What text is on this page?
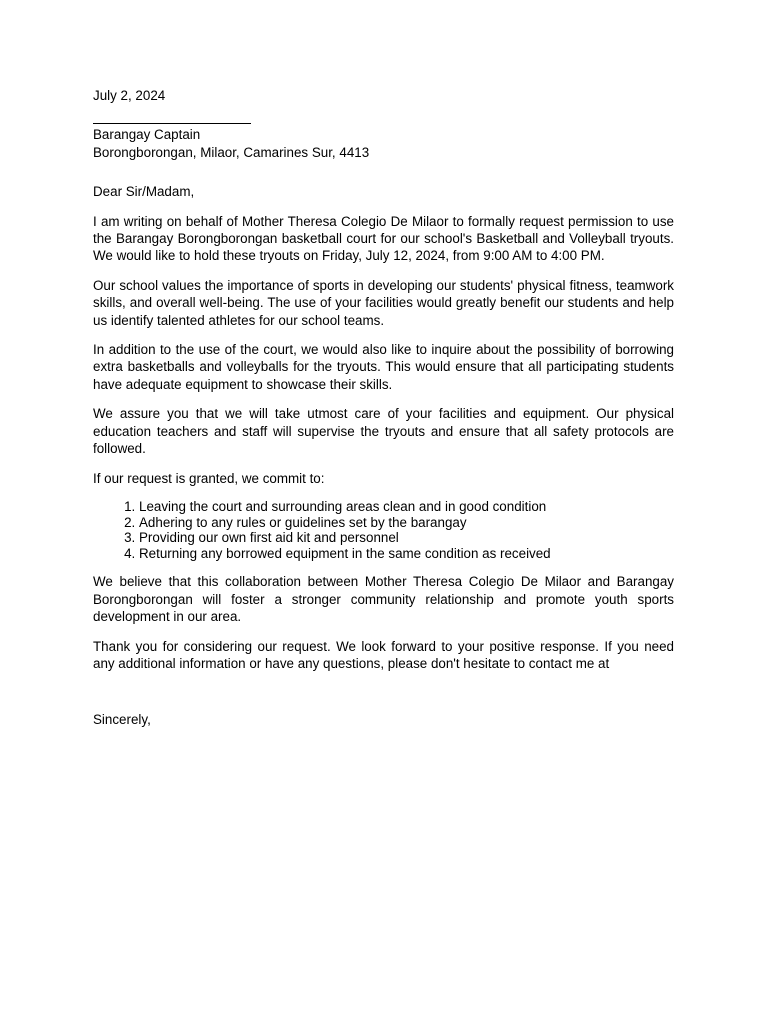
July 2, 2024

Barangay Captain

Borongborongan, Milaor, Camarines Sur, 4413

Dear Sir/Madam,

I am writing on behalf of Mother Theresa Colegio De Milaor to formally request permission to use the Barangay Borongborongan basketball court for our school's Basketball and Volleyball tryouts. We would like to hold these tryouts on Friday, July 12, 2024, from 9:00 AM to 4:00 PM.

Our school values the importance of sports in developing our students' physical fitness, teamwork skills, and overall well-being. The use of your facilities would greatly benefit our students and help us identify talented athletes for our school teams.

In addition to the use of the court, we would also like to inquire about the possibility of borrowing extra basketballs and volleyballs for the tryouts. This would ensure that all participating students have adequate equipment to showcase their skills.

We assure you that we will take utmost care of your facilities and equipment. Our physical education teachers and staff will supervise the tryouts and ensure that all safety protocols are followed.

If our request is granted, we commit to:

1. Leaving the court and surrounding areas clean and in good condition
2. Adhering to any rules or guidelines set by the barangay
3. Providing our own first aid kit and personnel
4. Returning any borrowed equipment in the same condition as received

We believe that this collaboration between Mother Theresa Colegio De Milaor and Barangay Borongborongan will foster a stronger community relationship and promote youth sports development in our area.

Thank you for considering our request. We look forward to your positive response. If you need any additional information or have any questions, please don't hesitate to contact me at

Sincerely,
